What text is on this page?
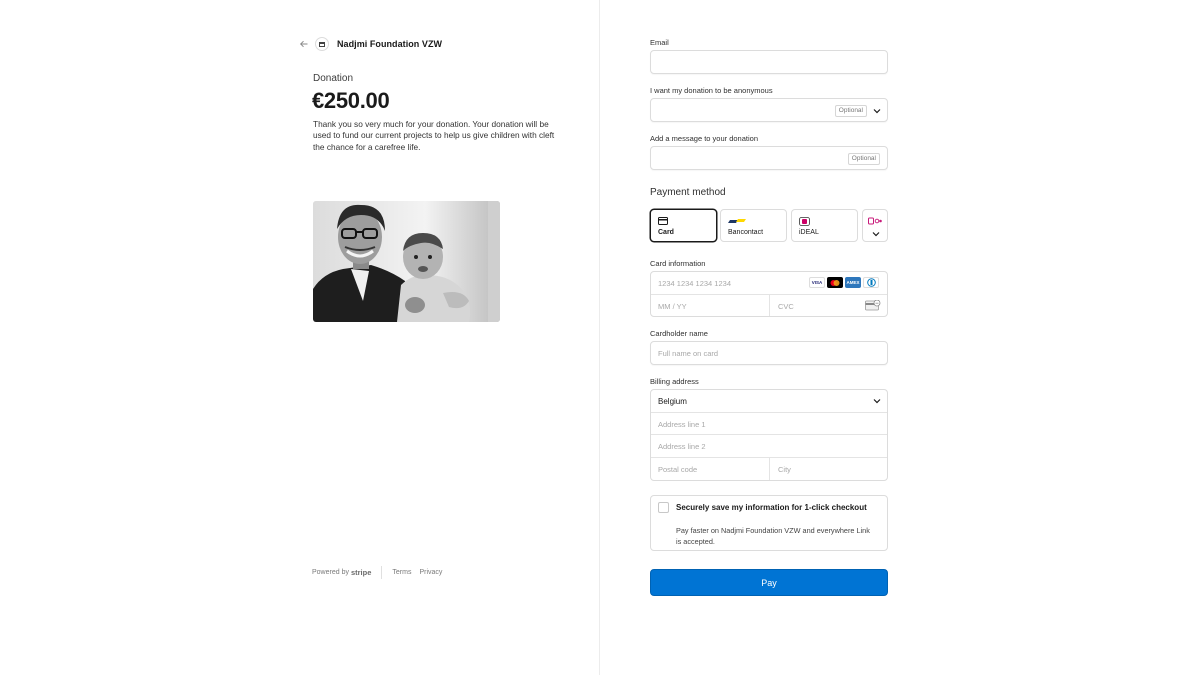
Nadjmi Foundation VZW
Donation
€250.00
Thank you so very much for your donation. Your donation will be used to fund our current projects to help us give children with cleft the chance for a carefree life.
Powered by stripe	Terms Privacy
Email
I want my donation to be anonymous
Optional
Add a message to your donation
Optional
Payment method
Card	Bancontact	iDEAL
Card information
1234 1234 1234 1234	VISA	AMEX
MM / YY	CVC	•••
Cardholder name
Full name on card
Billing address
Belgium
Address line 1
Address line 2
Postal code	City
Securely save my information for 1-click checkout
Pay faster on Nadjmi Foundation VZW and everywhere Link is accepted.
Pay
